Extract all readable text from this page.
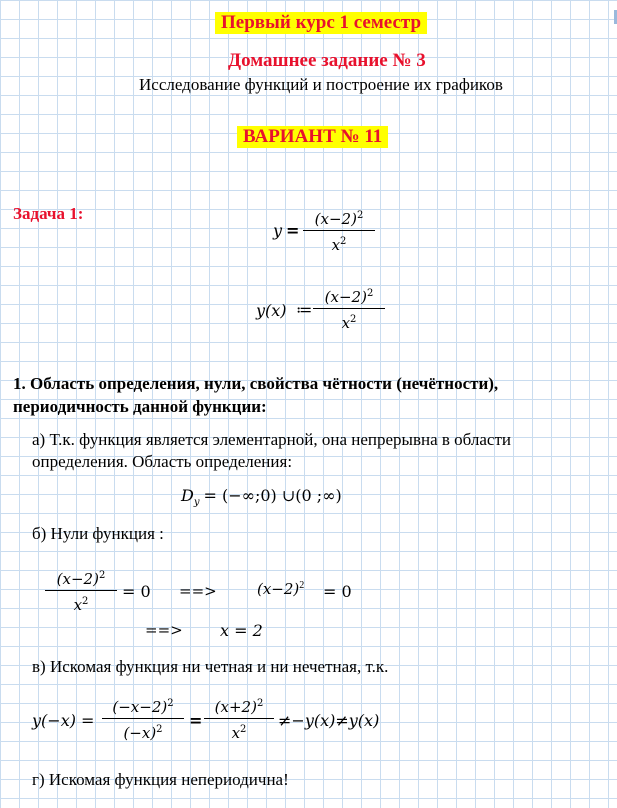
Первый курс 1 семестр
Домашнее задание № 3
Исследование функций и построение их графиков
ВАРИАНТ № 11
Задача 1:
y =
$(x-2)^2$
$x^2$
y(x) ≔
$(x-2)^2$
$x^2$
1. Область определения, нули, свойства чётности (нечётности),
периодичность данной функции:
а) Т.к. функция является элементарной, она непрерывна в области
определения. Область определения:
$D_y$ = (−∞;0) ∪(0 ;∞)
б) Нули функция :
$(x-2)^2$
$x^2$
= 0 ==>	$(x-2)^2 = 0$
==> x = 2
в) Искомая функция ни четная и ни нечетная, т.к.
y(−x) =
$(-x-2)^2$
$(-x)^2$	=
$(x+2)^2$
$x^2$	≠−y(x)≠y(x)
г) Искомая функция непериодична!
